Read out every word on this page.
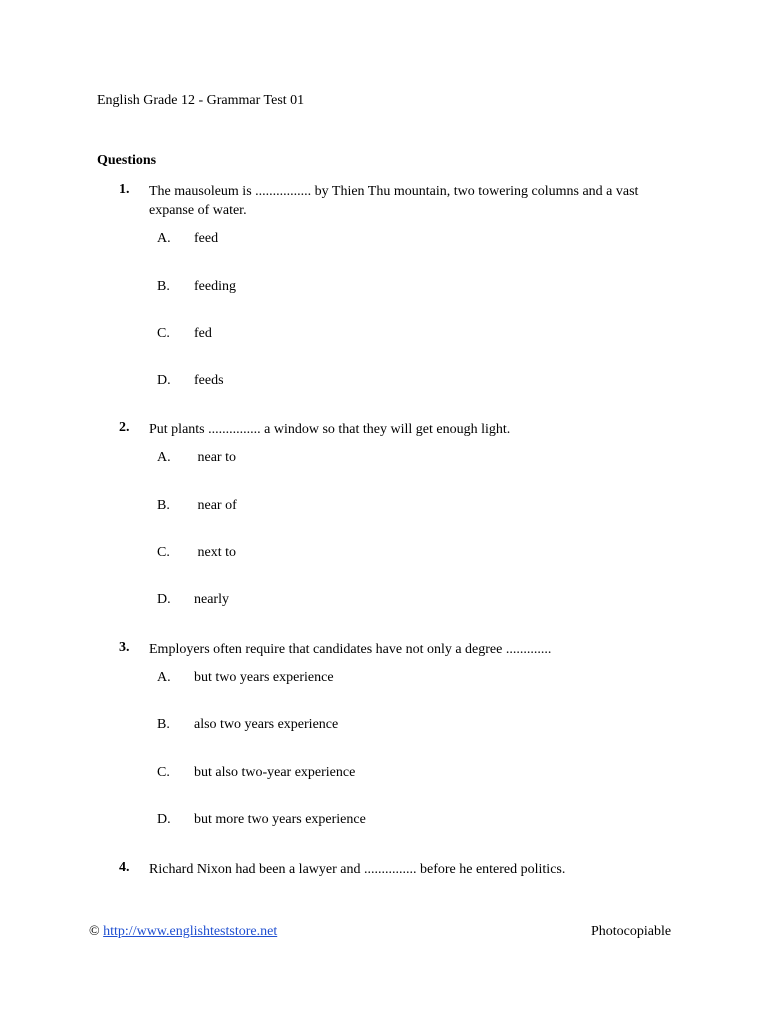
English Grade 12 - Grammar Test 01
Questions
1. The mausoleum is ................ by Thien Thu mountain, two towering columns and a vast expanse of water.
A. feed
B. feeding
C. fed
D. feeds
2. Put plants ............... a window so that they will get enough light.
A. near to
B. near of
C. next to
D. nearly
3. Employers often require that candidates have not only a degree .............
A. but two years experience
B. also two years experience
C. but also two-year experience
D. but more two years experience
4. Richard Nixon had been a lawyer and ............... before he entered politics.
© http://www.englishteststore.net	Photocopiable
